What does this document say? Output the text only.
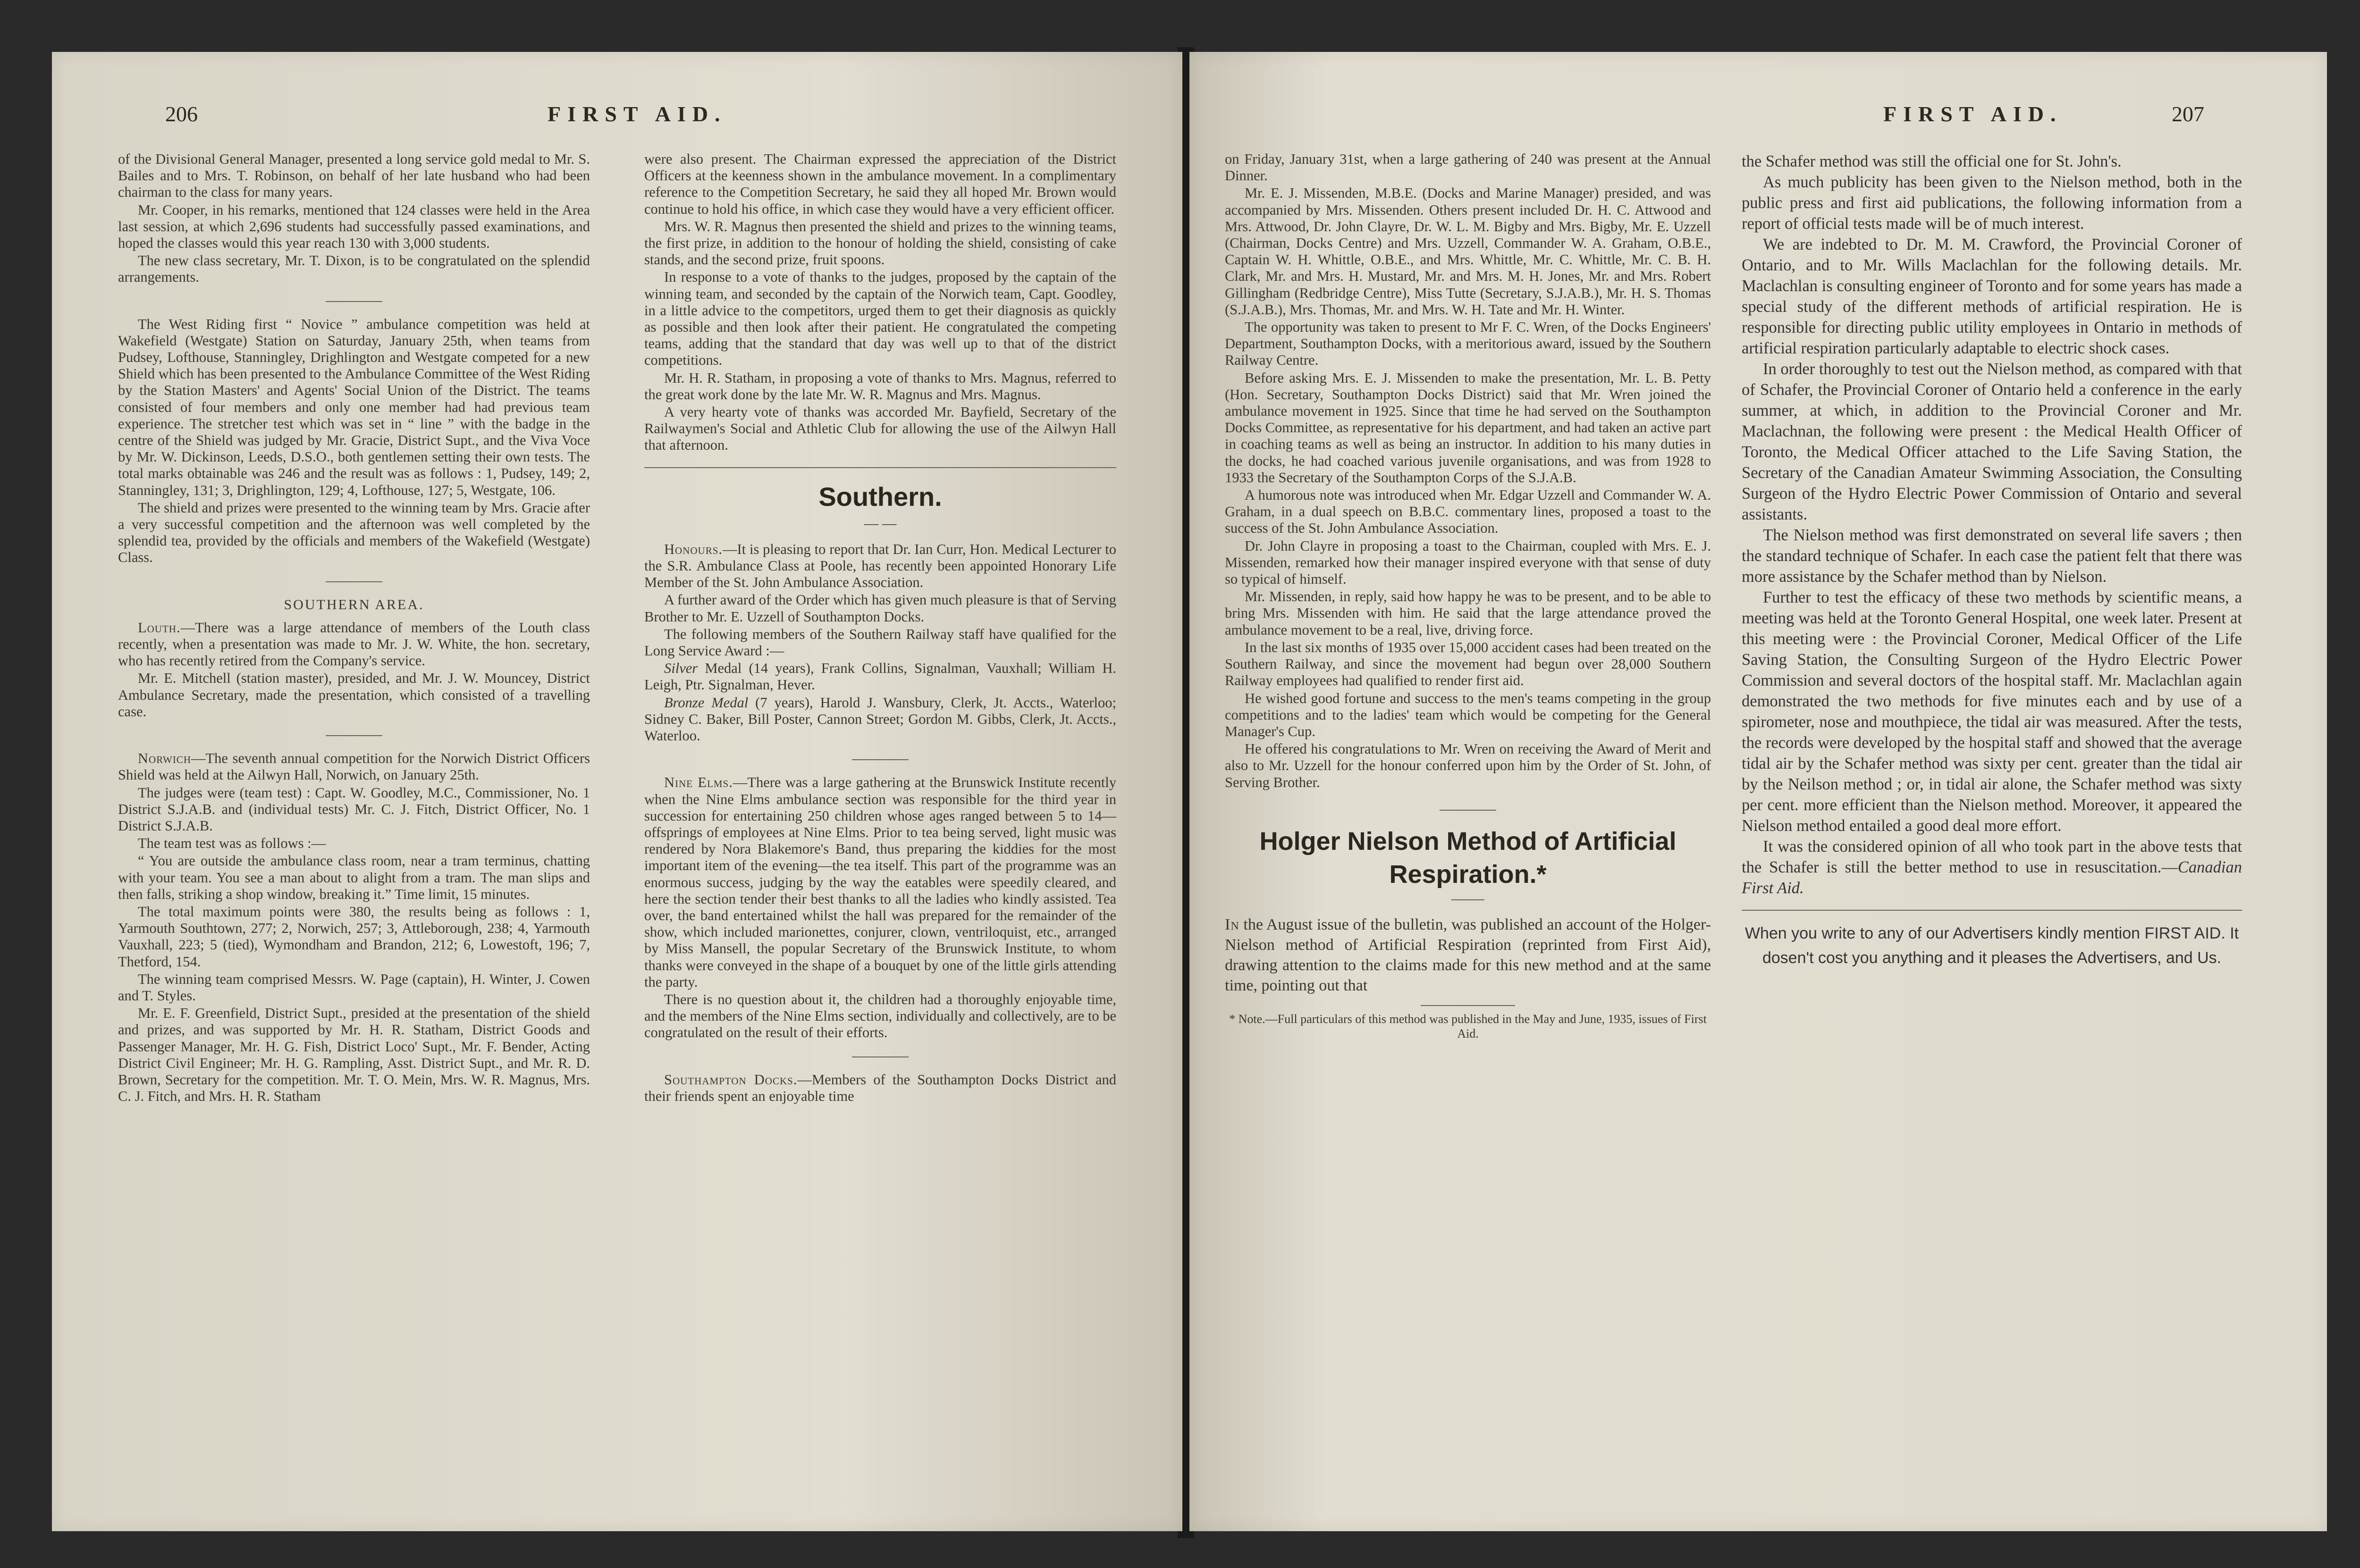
206	FIRST AID.

of the Divisional General Manager, presented a long service gold medal to Mr. S. Bailes and to Mrs. T. Robinson, on behalf of her late husband who had been chairman to the class for many years.

Mr. Cooper, in his remarks, mentioned that 124 classes were held in the Area last session, at which 2,696 students had successfully passed examinations, and hoped the classes would this year reach 130 with 3,000 students.

The new class secretary, Mr. T. Dixon, is to be congratulated on the splendid arrangements.

The West Riding first “ Novice ” ambulance competition was held at Wakefield (Westgate) Station on Saturday, January 25th, when teams from Pudsey, Lofthouse, Stanningley, Drighlington and Westgate competed for a new Shield which has been presented to the Ambulance Committee of the West Riding by the Station Masters' and Agents' Social Union of the District. The teams consisted of four members and only one member had had previous team experience. The stretcher test which was set in “ line ” with the badge in the centre of the Shield was judged by Mr. Gracie, District Supt., and the Viva Voce by Mr. W. Dickinson, Leeds, D.S.O., both gentlemen setting their own tests. The total marks obtainable was 246 and the result was as follows : 1, Pudsey, 149; 2, Stanningley, 131; 3, Drighlington, 129; 4, Lofthouse, 127; 5, Westgate, 106.

The shield and prizes were presented to the winning team by Mrs. Gracie after a very successful competition and the afternoon was well completed by the splendid tea, provided by the officials and members of the Wakefield (Westgate) Class.

SOUTHERN AREA.

Louth.—There was a large attendance of members of the Louth class recently, when a presentation was made to Mr. J. W. White, the hon. secretary, who has recently retired from the Company's service.

Mr. E. Mitchell (station master), presided, and Mr. J. W. Mouncey, District Ambulance Secretary, made the presentation, which consisted of a travelling case.

Norwich—The seventh annual competition for the Norwich District Officers Shield was held at the Ailwyn Hall, Norwich, on January 25th.

The judges were (team test) : Capt. W. Goodley, M.C., Commissioner, No. 1 District S.J.A.B. and (individual tests) Mr. C. J. Fitch, District Officer, No. 1 District S.J.A.B.

The team test was as follows :—

“ You are outside the ambulance class room, near a tram terminus, chatting with your team. You see a man about to alight from a tram. The man slips and then falls, striking a shop window, breaking it.” Time limit, 15 minutes.

The total maximum points were 380, the results being as follows : 1, Yarmouth Southtown, 277; 2, Norwich, 257; 3, Attleborough, 238; 4, Yarmouth Vauxhall, 223; 5 (tied), Wymondham and Brandon, 212; 6, Lowestoft, 196; 7, Thetford, 154.

The winning team comprised Messrs. W. Page (captain), H. Winter, J. Cowen and T. Styles.

Mr. E. F. Greenfield, District Supt., presided at the presentation of the shield and prizes, and was supported by Mr. H. R. Statham, District Goods and Passenger Manager, Mr. H. G. Fish, District Loco' Supt., Mr. F. Bender, Acting District Civil Engineer; Mr. H. G. Rampling, Asst. District Supt., and Mr. R. D. Brown, Secretary for the competition. Mr. T. O. Mein, Mrs. W. R. Magnus, Mrs. C. J. Fitch, and Mrs. H. R. Statham

were also present. The Chairman expressed the appreciation of the District Officers at the keenness shown in the ambulance movement. In a complimentary reference to the Competition Secretary, he said they all hoped Mr. Brown would continue to hold his office, in which case they would have a very efficient officer.

Mrs. W. R. Magnus then presented the shield and prizes to the winning teams, the first prize, in addition to the honour of holding the shield, consisting of cake stands, and the second prize, fruit spoons.

In response to a vote of thanks to the judges, proposed by the captain of the winning team, and seconded by the captain of the Norwich team, Capt. Goodley, in a little advice to the competitors, urged them to get their diagnosis as quickly as possible and then look after their patient. He congratulated the competing teams, adding that the standard that day was well up to that of the district competitions.

Mr. H. R. Statham, in proposing a vote of thanks to Mrs. Magnus, referred to the great work done by the late Mr. W. R. Magnus and Mrs. Magnus.

A very hearty vote of thanks was accorded Mr. Bayfield, Secretary of the Railwaymen's Social and Athletic Club for allowing the use of the Ailwyn Hall that afternoon.

Southern.
— —

Honours.—It is pleasing to report that Dr. Ian Curr, Hon. Medical Lecturer to the S.R. Ambulance Class at Poole, has recently been appointed Honorary Life Member of the St. John Ambulance Association.

A further award of the Order which has given much pleasure is that of Serving Brother to Mr. E. Uzzell of Southampton Docks.

The following members of the Southern Railway staff have qualified for the Long Service Award :—

Silver Medal (14 years), Frank Collins, Signalman, Vauxhall; William H. Leigh, Ptr. Signalman, Hever.

Bronze Medal (7 years), Harold J. Wansbury, Clerk, Jt. Accts., Waterloo; Sidney C. Baker, Bill Poster, Cannon Street; Gordon M. Gibbs, Clerk, Jt. Accts., Waterloo.

Nine Elms.—There was a large gathering at the Brunswick Institute recently when the Nine Elms ambulance section was responsible for the third year in succession for entertaining 250 children whose ages ranged between 5 to 14—offsprings of employees at Nine Elms. Prior to tea being served, light music was rendered by Nora Blakemore's Band, thus preparing the kiddies for the most important item of the evening—the tea itself. This part of the programme was an enormous success, judging by the way the eatables were speedily cleared, and here the section tender their best thanks to all the ladies who kindly assisted. Tea over, the band entertained whilst the hall was prepared for the remainder of the show, which included marionettes, conjurer, clown, ventriloquist, etc., arranged by Miss Mansell, the popular Secretary of the Brunswick Institute, to whom thanks were conveyed in the shape of a bouquet by one of the little girls attending the party.

There is no question about it, the children had a thoroughly enjoyable time, and the members of the Nine Elms section, individually and collectively, are to be congratulated on the result of their efforts.

Southampton Docks.—Members of the Southampton Docks District and their friends spent an enjoyable time

FIRST AID.	207

on Friday, January 31st, when a large gathering of 240 was present at the Annual Dinner.

Mr. E. J. Missenden, M.B.E. (Docks and Marine Manager) presided, and was accompanied by Mrs. Missenden. Others present included Dr. H. C. Attwood and Mrs. Attwood, Dr. John Clayre, Dr. W. L. M. Bigby and Mrs. Bigby, Mr. E. Uzzell (Chairman, Docks Centre) and Mrs. Uzzell, Commander W. A. Graham, O.B.E., Captain W. H. Whittle, O.B.E., and Mrs. Whittle, Mr. C. Whittle, Mr. C. B. H. Clark, Mr. and Mrs. H. Mustard, Mr. and Mrs. M. H. Jones, Mr. and Mrs. Robert Gillingham (Redbridge Centre), Miss Tutte (Secretary, S.J.A.B.), Mr. H. S. Thomas (S.J.A.B.), Mrs. Thomas, Mr. and Mrs. W. H. Tate and Mr. H. Winter.

The opportunity was taken to present to Mr F. C. Wren, of the Docks Engineers' Department, Southampton Docks, with a meritorious award, issued by the Southern Railway Centre.

Before asking Mrs. E. J. Missenden to make the presentation, Mr. L. B. Petty (Hon. Secretary, Southampton Docks District) said that Mr. Wren joined the ambulance movement in 1925. Since that time he had served on the Southampton Docks Committee, as representative for his department, and had taken an active part in coaching teams as well as being an instructor. In addition to his many duties in the docks, he had coached various juvenile organisations, and was from 1928 to 1933 the Secretary of the Southampton Corps of the S.J.A.B.

A humorous note was introduced when Mr. Edgar Uzzell and Commander W. A. Graham, in a dual speech on B.B.C. commentary lines, proposed a toast to the success of the St. John Ambulance Association.

Dr. John Clayre in proposing a toast to the Chairman, coupled with Mrs. E. J. Missenden, remarked how their manager inspired everyone with that sense of duty so typical of himself.

Mr. Missenden, in reply, said how happy he was to be present, and to be able to bring Mrs. Missenden with him. He said that the large attendance proved the ambulance movement to be a real, live, driving force.

In the last six months of 1935 over 15,000 accident cases had been treated on the Southern Railway, and since the movement had begun over 28,000 Southern Railway employees had qualified to render first aid.

He wished good fortune and success to the men's teams competing in the group competitions and to the ladies' team which would be competing for the General Manager's Cup.

He offered his congratulations to Mr. Wren on receiving the Award of Merit and also to Mr. Uzzell for the honour conferred upon him by the Order of St. John, of Serving Brother.

Holger Nielson Method of Artificial Respiration.*

In the August issue of the bulletin, was published an account of the Holger-Nielson method of Artificial Respiration (reprinted from First Aid), drawing attention to the claims made for this new method and at the same time, pointing out that

* Note.—Full particulars of this method was published in the May and June, 1935, issues of First Aid.

the Schafer method was still the official one for St. John's.

As much publicity has been given to the Nielson method, both in the public press and first aid publications, the following information from a report of official tests made will be of much interest.

We are indebted to Dr. M. M. Crawford, the Provincial Coroner of Ontario, and to Mr. Wills Maclachlan for the following details. Mr. Maclachlan is consulting engineer of Toronto and for some years has made a special study of the different methods of artificial respiration. He is responsible for directing public utility employees in Ontario in methods of artificial respiration particularly adaptable to electric shock cases.

In order thoroughly to test out the Nielson method, as compared with that of Schafer, the Provincial Coroner of Ontario held a conference in the early summer, at which, in addition to the Provincial Coroner and Mr. Maclachnan, the following were present : the Medical Health Officer of Toronto, the Medical Officer attached to the Life Saving Station, the Secretary of the Canadian Amateur Swimming Association, the Consulting Surgeon of the Hydro Electric Power Commission of Ontario and several assistants.

The Nielson method was first demonstrated on several life savers ; then the standard technique of Schafer. In each case the patient felt that there was more assistance by the Schafer method than by Nielson.

Further to test the efficacy of these two methods by scientific means, a meeting was held at the Toronto General Hospital, one week later. Present at this meeting were : the Provincial Coroner, Medical Officer of the Life Saving Station, the Consulting Surgeon of the Hydro Electric Power Commission and several doctors of the hospital staff. Mr. Maclachlan again demonstrated the two methods for five minutes each and by use of a spirometer, nose and mouthpiece, the tidal air was measured. After the tests, the records were developed by the hospital staff and showed that the average tidal air by the Schafer method was sixty per cent. greater than the tidal air by the Neilson method ; or, in tidal air alone, the Schafer method was sixty per cent. more efficient than the Nielson method. Moreover, it appeared the Nielson method entailed a good deal more effort.

It was the considered opinion of all who took part in the above tests that the Schafer is still the better method to use in resuscitation.—Canadian First Aid.

When you write to any of our Advertisers kindly mention FIRST AID. It dosen't cost you anything and it pleases the Advertisers, and Us.
